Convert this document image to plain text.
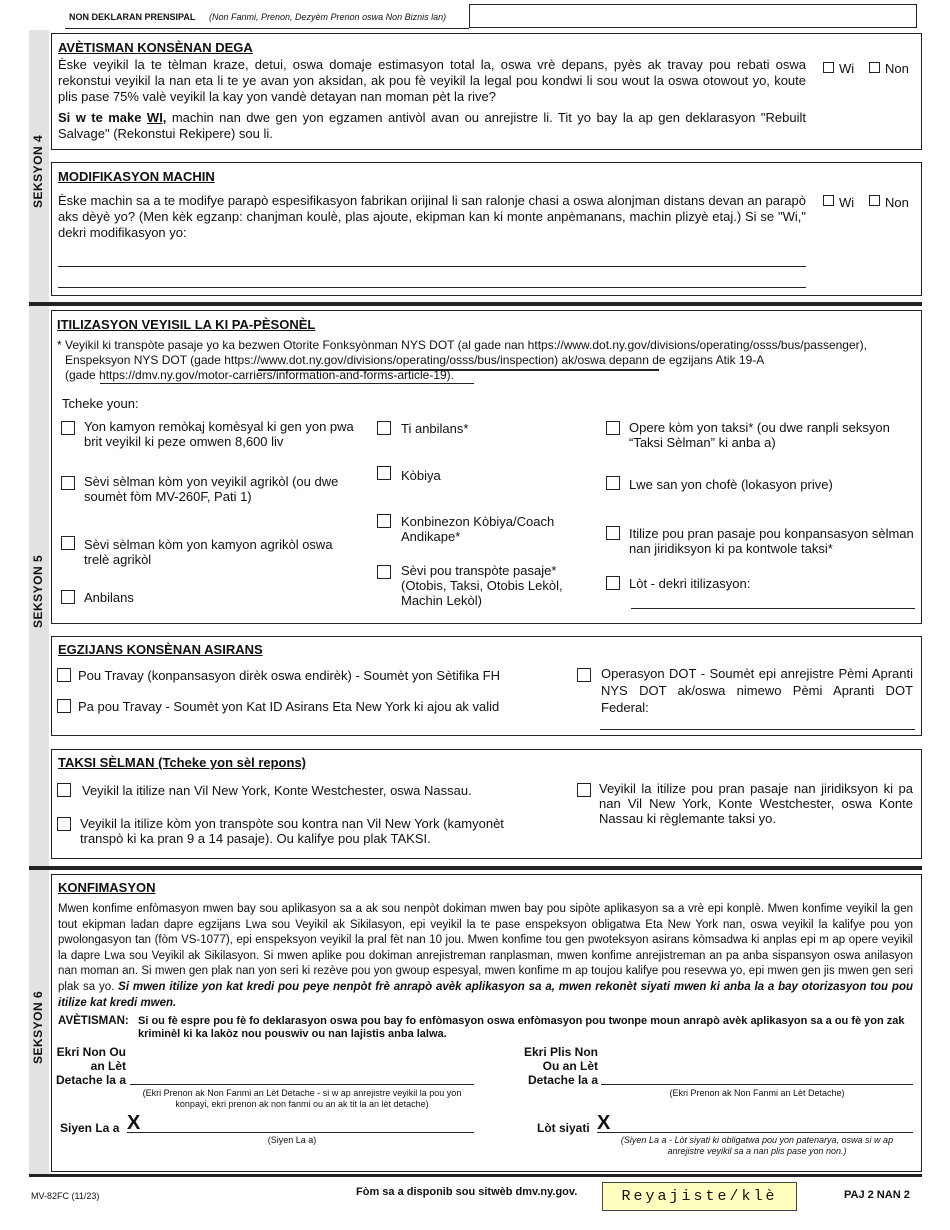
NON DEKLARAN PRENSIPAL (Non Fanmi, Prenon, Dezyèm Prenon oswa Non Biznis lan)
SEKSYON 4
AVÈTISMAN KONSÈNAN DEGA
Èske veyikil la te tèlman kraze, detui, oswa domaje estimasyon total la, oswa vrè depans, pyès ak travay pou rebati oswa rekonstui veyikil la nan eta li te ye avan yon aksidan, ak pou fè veyikil la legal pou kondwi li sou wout la oswa otowout yo, koute plis pase 75% valè veyikil la kay yon vandè detayan nan moman pèt la rive?
Si w te make WI, machin nan dwe gen yon egzamen antivòl avan ou anrejistre li. Tit yo bay la ap gen deklarasyon "Rebuilt Salvage" (Rekonstui Rekipere) sou li.
Wi Non
MODIFIKASYON MACHIN
Èske machin sa a te modifye parapò espesifikasyon fabrikan orijinal li san ralonje chasi a oswa alonjman distans devan an parapò aks dèyè yo? (Men kèk egzanp: chanjman koulè, plas ajoute, ekipman kan ki monte anpèmanans, machin plizyè etaj.) Si se "Wi," dekri modifikasyon yo:
Wi Non
SEKSYON 5
ITILIZASYON VEYISIL LA KI PA-PÈSONÈL
* Veyikil ki transpòte pasaje yo ka bezwen Otorite Fonksyònman NYS DOT (al gade nan https://www.dot.ny.gov/divisions/operating/osss/bus/passenger),
Enspeksyon NYS DOT (gade https://www.dot.ny.gov/divisions/operating/osss/bus/inspection) ak/oswa depann de egzijans Atik 19-A
(gade https://dmv.ny.gov/motor-carriers/information-and-forms-article-19).
Tcheke youn:
Yon kamyon remòkaj komèsyal ki gen yon pwa brit veyikil ki peze omwen 8,600 liv
Sèvi sèlman kòm yon veyikil agrikòl (ou dwe soumèt fòm MV-260F, Pati 1)
Sèvi sèlman kòm yon kamyon agrikòl oswa trelè agrikòl
Anbilans
Ti anbilans*
Kòbiya
Konbinezon Kòbiya/Coach Andikape*
Sèvi pou transpòte pasaje* (Otobis, Taksi, Otobis Lekòl, Machin Lekòl)
Opere kòm yon taksi* (ou dwe ranpli seksyon “Taksi Sèlman” ki anba a)
Lwe san yon chofè (lokasyon prive)
Itilize pou pran pasaje pou konpansasyon sèlman nan jiridiksyon ki pa kontwole taksi*
Lòt - dekri itilizasyon:
EGZIJANS KONSÈNAN ASIRANS
Pou Travay (konpansasyon dirèk oswa endirèk) - Soumèt yon Sètifika FH
Pa pou Travay - Soumèt yon Kat ID Asirans Eta New York ki ajou ak valid
Operasyon DOT - Soumèt epi anrejistre Pèmi Apranti NYS DOT ak/oswa nimewo Pèmi Apranti DOT Federal:
TAKSI SÈLMAN (Tcheke yon sèl repons)
Veyikil la itilize nan Vil New York, Konte Westchester, oswa Nassau.
Veyikil la itilize kòm yon transpòte sou kontra nan Vil New York (kamyonèt transpò ki ka pran 9 a 14 pasaje). Ou kalifye pou plak TAKSI.
Veyikil la itilize pou pran pasaje nan jiridiksyon ki pa nan Vil New York, Konte Westchester, oswa Konte Nassau ki règlemante taksi yo.
SEKSYON 6
KONFIMASYON
Mwen konfime enfòmasyon mwen bay sou aplikasyon sa a ak sou nenpòt dokiman mwen bay pou sipòte aplikasyon sa a vrè epi konplè. Mwen konfime veyikil la gen tout ekipman ladan dapre egzijans Lwa sou Veyikil ak Sikilasyon, epi veyikil la te pase enspeksyon obligatwa Eta New York nan, oswa veyikil la kalifye pou yon pwolongasyon tan (fòm VS-1077), epi enspeksyon veyikil la pral fèt nan 10 jou. Mwen konfime tou gen pwoteksyon asirans kòmsadwa ki anplas epi m ap opere veyikil la dapre Lwa sou Veyikil ak Sikilasyon. Si mwen aplike pou dokiman anrejistreman ranplasman, mwen konfime anrejistreman an pa anba sispansyon oswa anilasyon nan moman an. Si mwen gen plak nan yon seri ki rezève pou yon gwoup espesyal, mwen konfime m ap toujou kalifye pou resevwa yo, epi mwen gen jis mwen gen seri plak sa yo. Si mwen itilize yon kat kredi pou peye nenpòt frè anrapò avèk aplikasyon sa a, mwen rekonèt siyati mwen ki anba la a bay otorizasyon tou pou itilize kat kredi mwen.
AVÈTISMAN: Si ou fè espre pou fè fo deklarasyon oswa pou bay fo enfòmasyon oswa enfòmasyon pou twonpe moun anrapò avèk aplikasyon sa a ou fè yon zak kriminèl ki ka lakòz nou pouswiv ou nan lajistis anba lalwa.
Ekri Non Ou an Lèt Detache la a
(Ekri Prenon ak Non Fanmi an Lèt Detache - si w ap anrejistre veyikil la pou yon konpayi, ekri prenon ak non fanmi ou an ak tit la an lèt detache)
Ekri Plis Non Ou an Lèt Detache la a
(Ekri Prenon ak Non Fanmi an Lèt Detache)
Siyen La a X
(Siyen La a)
Lòt siyati X
(Siyen La a - Lòt siyati ki obligatwa pou yon patenarya, oswa si w ap anrejistre veyikil sa a nan plis pase yon non.)
MV-82FC (11/23)	Fòm sa a disponib sou sitwèb dmv.ny.gov.	Reyajiste/klè	PAJ 2 NAN 2
